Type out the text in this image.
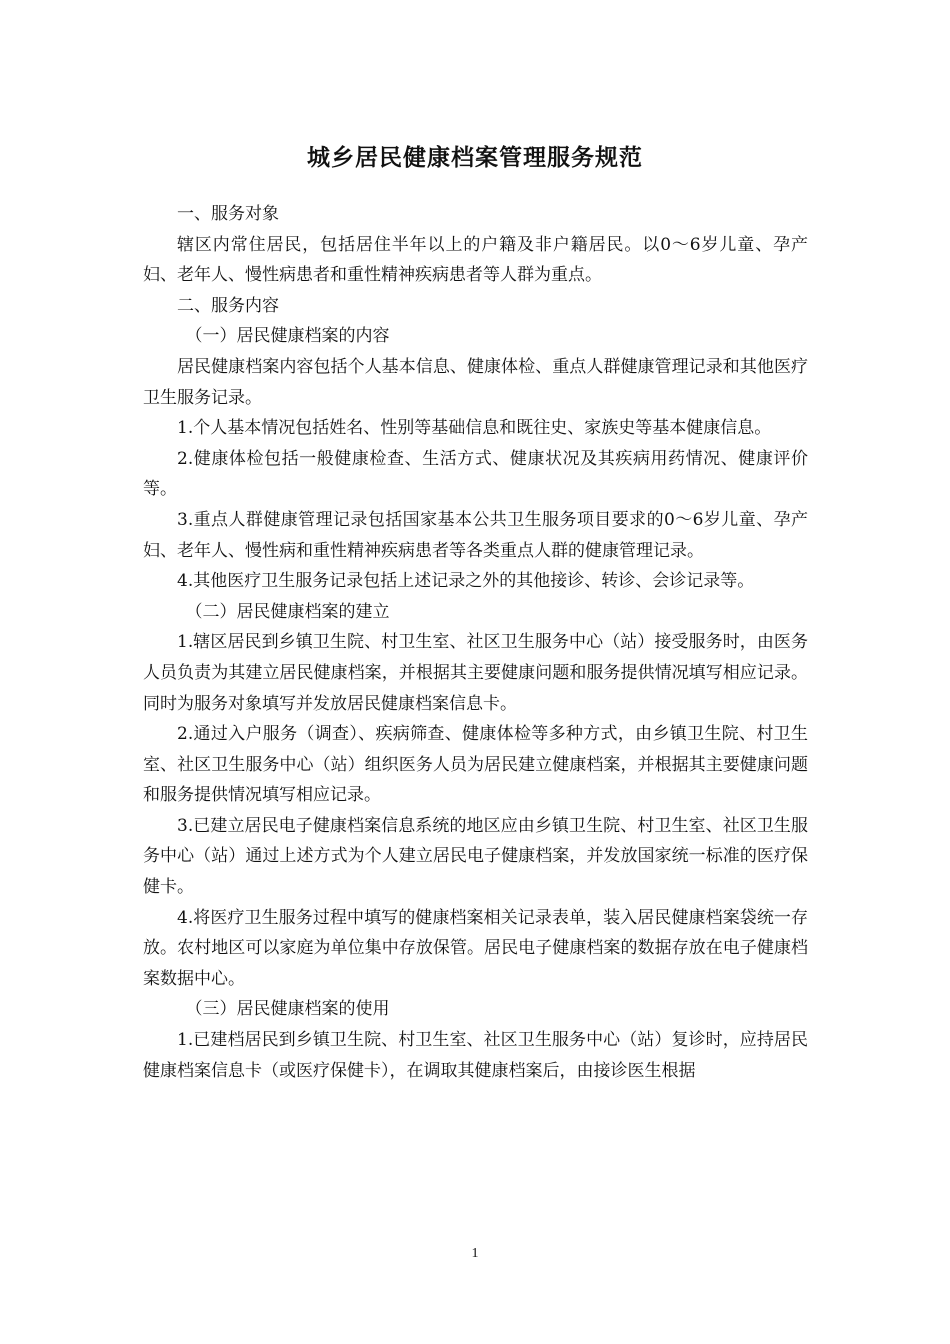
城乡居民健康档案管理服务规范

一、服务对象

辖区内常住居民，包括居住半年以上的户籍及非户籍居民。以0～6岁儿童、孕产妇、老年人、慢性病患者和重性精神疾病患者等人群为重点。

二、服务内容

（一）居民健康档案的内容

居民健康档案内容包括个人基本信息、健康体检、重点人群健康管理记录和其他医疗卫生服务记录。

1.个人基本情况包括姓名、性别等基础信息和既往史、家族史等基本健康信息。

2.健康体检包括一般健康检查、生活方式、健康状况及其疾病用药情况、健康评价等。

3.重点人群健康管理记录包括国家基本公共卫生服务项目要求的0～6岁儿童、孕产妇、老年人、慢性病和重性精神疾病患者等各类重点人群的健康管理记录。

4.其他医疗卫生服务记录包括上述记录之外的其他接诊、转诊、会诊记录等。

（二）居民健康档案的建立

1.辖区居民到乡镇卫生院、村卫生室、社区卫生服务中心（站）接受服务时，由医务人员负责为其建立居民健康档案，并根据其主要健康问题和服务提供情况填写相应记录。同时为服务对象填写并发放居民健康档案信息卡。

2.通过入户服务（调查）、疾病筛查、健康体检等多种方式，由乡镇卫生院、村卫生室、社区卫生服务中心（站）组织医务人员为居民建立健康档案，并根据其主要健康问题和服务提供情况填写相应记录。

3.已建立居民电子健康档案信息系统的地区应由乡镇卫生院、村卫生室、社区卫生服务中心（站）通过上述方式为个人建立居民电子健康档案，并发放国家统一标准的医疗保健卡。

4.将医疗卫生服务过程中填写的健康档案相关记录表单，装入居民健康档案袋统一存放。农村地区可以家庭为单位集中存放保管。居民电子健康档案的数据存放在电子健康档案数据中心。

（三）居民健康档案的使用

1.已建档居民到乡镇卫生院、村卫生室、社区卫生服务中心（站）复诊时，应持居民健康档案信息卡（或医疗保健卡），在调取其健康档案后，由接诊医生根据

1
